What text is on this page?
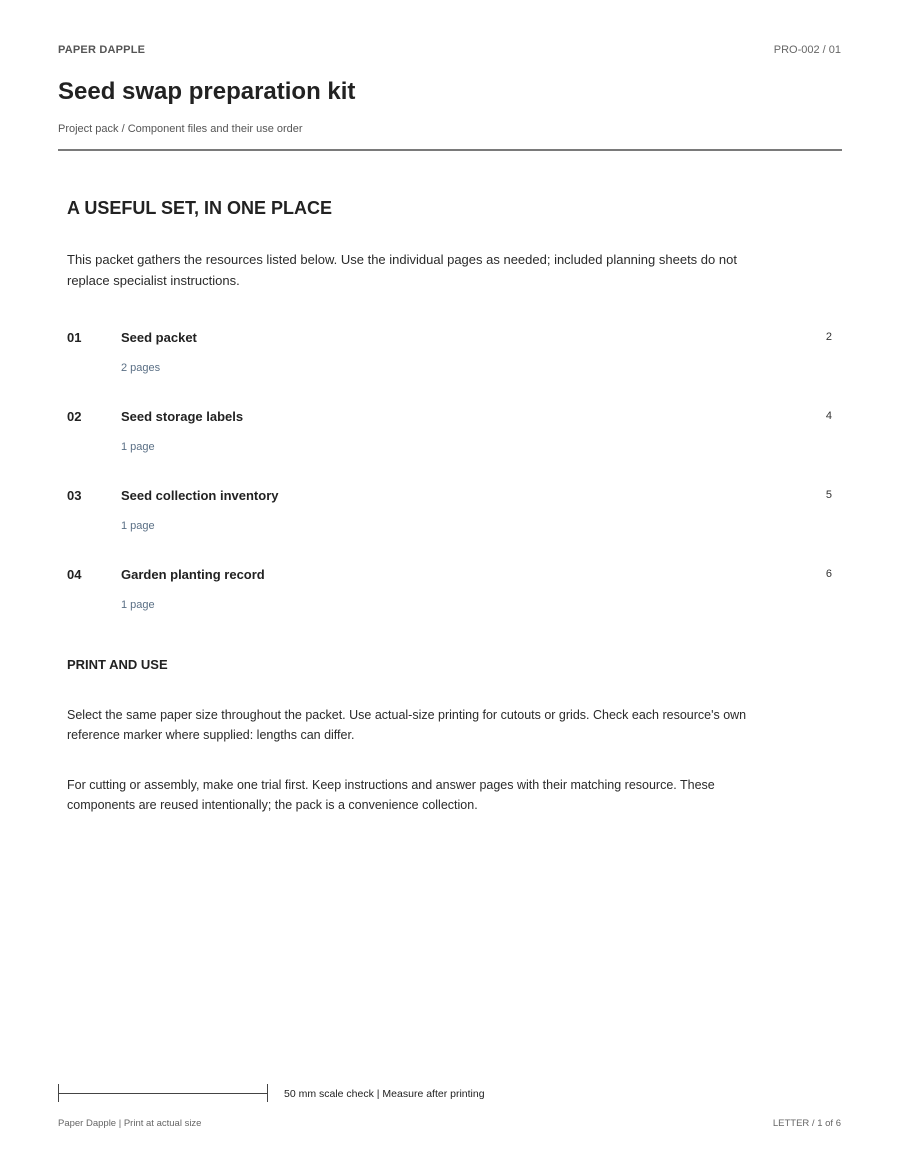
PAPER DAPPLE	PRO-002 / 01
Seed swap preparation kit
Project pack / Component files and their use order
A USEFUL SET, IN ONE PLACE

This packet gathers the resources listed below. Use the individual pages as needed; included planning sheets do not replace specialist instructions.

01	Seed packet	2
2 pages
02	Seed storage labels	4
1 page
03	Seed collection inventory	5
1 page
04	Garden planting record	6
1 page
PRINT AND USE

Select the same paper size throughout the packet. Use actual-size printing for cutouts or grids. Check each resource's own reference marker where supplied: lengths can differ.

For cutting or assembly, make one trial first. Keep instructions and answer pages with their matching resource. These components are reused intentionally; the pack is a convenience collection.

50 mm scale check | Measure after printing
Paper Dapple | Print at actual size	LETTER / 1 of 6
